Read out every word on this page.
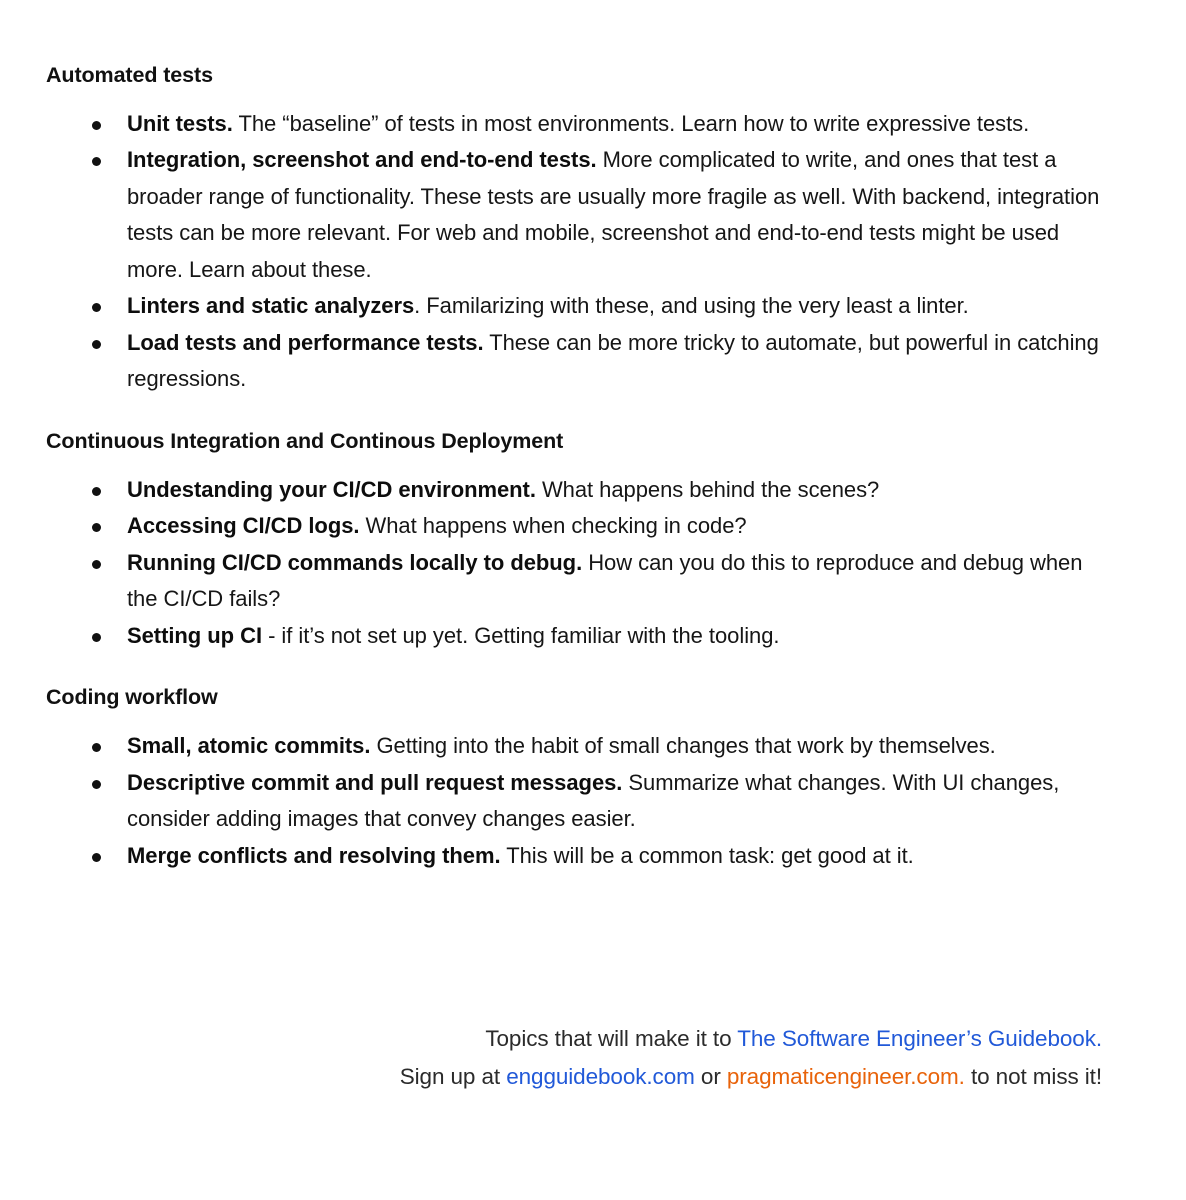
Automated tests
Unit tests. The “baseline” of tests in most environments. Learn how to write expressive tests.
Integration, screenshot and end-to-end tests. More complicated to write, and ones that test a broader range of functionality. These tests are usually more fragile as well. With backend, integration tests can be more relevant. For web and mobile, screenshot and end-to-end tests might be used more. Learn about these.
Linters and static analyzers. Familarizing with these, and using the very least a linter.
Load tests and performance tests. These can be more tricky to automate, but powerful in catching regressions.
Continuous Integration and Continous Deployment
Undestanding your CI/CD environment. What happens behind the scenes?
Accessing CI/CD logs. What happens when checking in code?
Running CI/CD commands locally to debug. How can you do this to reproduce and debug when the CI/CD fails?
Setting up CI - if it’s not set up yet. Getting familiar with the tooling.
Coding workflow
Small, atomic commits. Getting into the habit of small changes that work by themselves.
Descriptive commit and pull request messages. Summarize what changes. With UI changes, consider adding images that convey changes easier.
Merge conflicts and resolving them. This will be a common task: get good at it.
Topics that will make it to The Software Engineer’s Guidebook.
Sign up at engguidebook.com or pragmaticengineer.com. to not miss it!
